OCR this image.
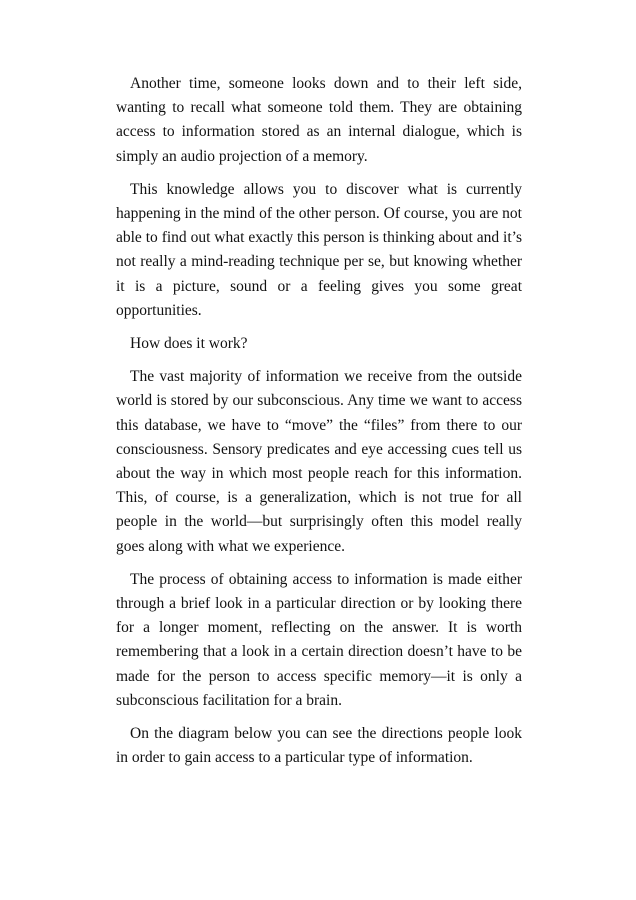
Another time, someone looks down and to their left side, wanting to recall what someone told them. They are obtaining access to information stored as an internal dialogue, which is simply an audio projection of a memory.

This knowledge allows you to discover what is currently happening in the mind of the other person. Of course, you are not able to find out what exactly this person is thinking about and it’s not really a mind-reading technique per se, but knowing whether it is a picture, sound or a feeling gives you some great opportunities.

How does it work?

The vast majority of information we receive from the outside world is stored by our subconscious. Any time we want to access this database, we have to “move” the “files” from there to our consciousness. Sensory predicates and eye accessing cues tell us about the way in which most people reach for this information. This, of course, is a generalization, which is not true for all people in the world—but surprisingly often this model really goes along with what we experience.

The process of obtaining access to information is made either through a brief look in a particular direction or by looking there for a longer moment, reflecting on the answer. It is worth remembering that a look in a certain direction doesn’t have to be made for the person to access specific memory—it is only a subconscious facilitation for a brain.

On the diagram below you can see the directions people look in order to gain access to a particular type of information.
